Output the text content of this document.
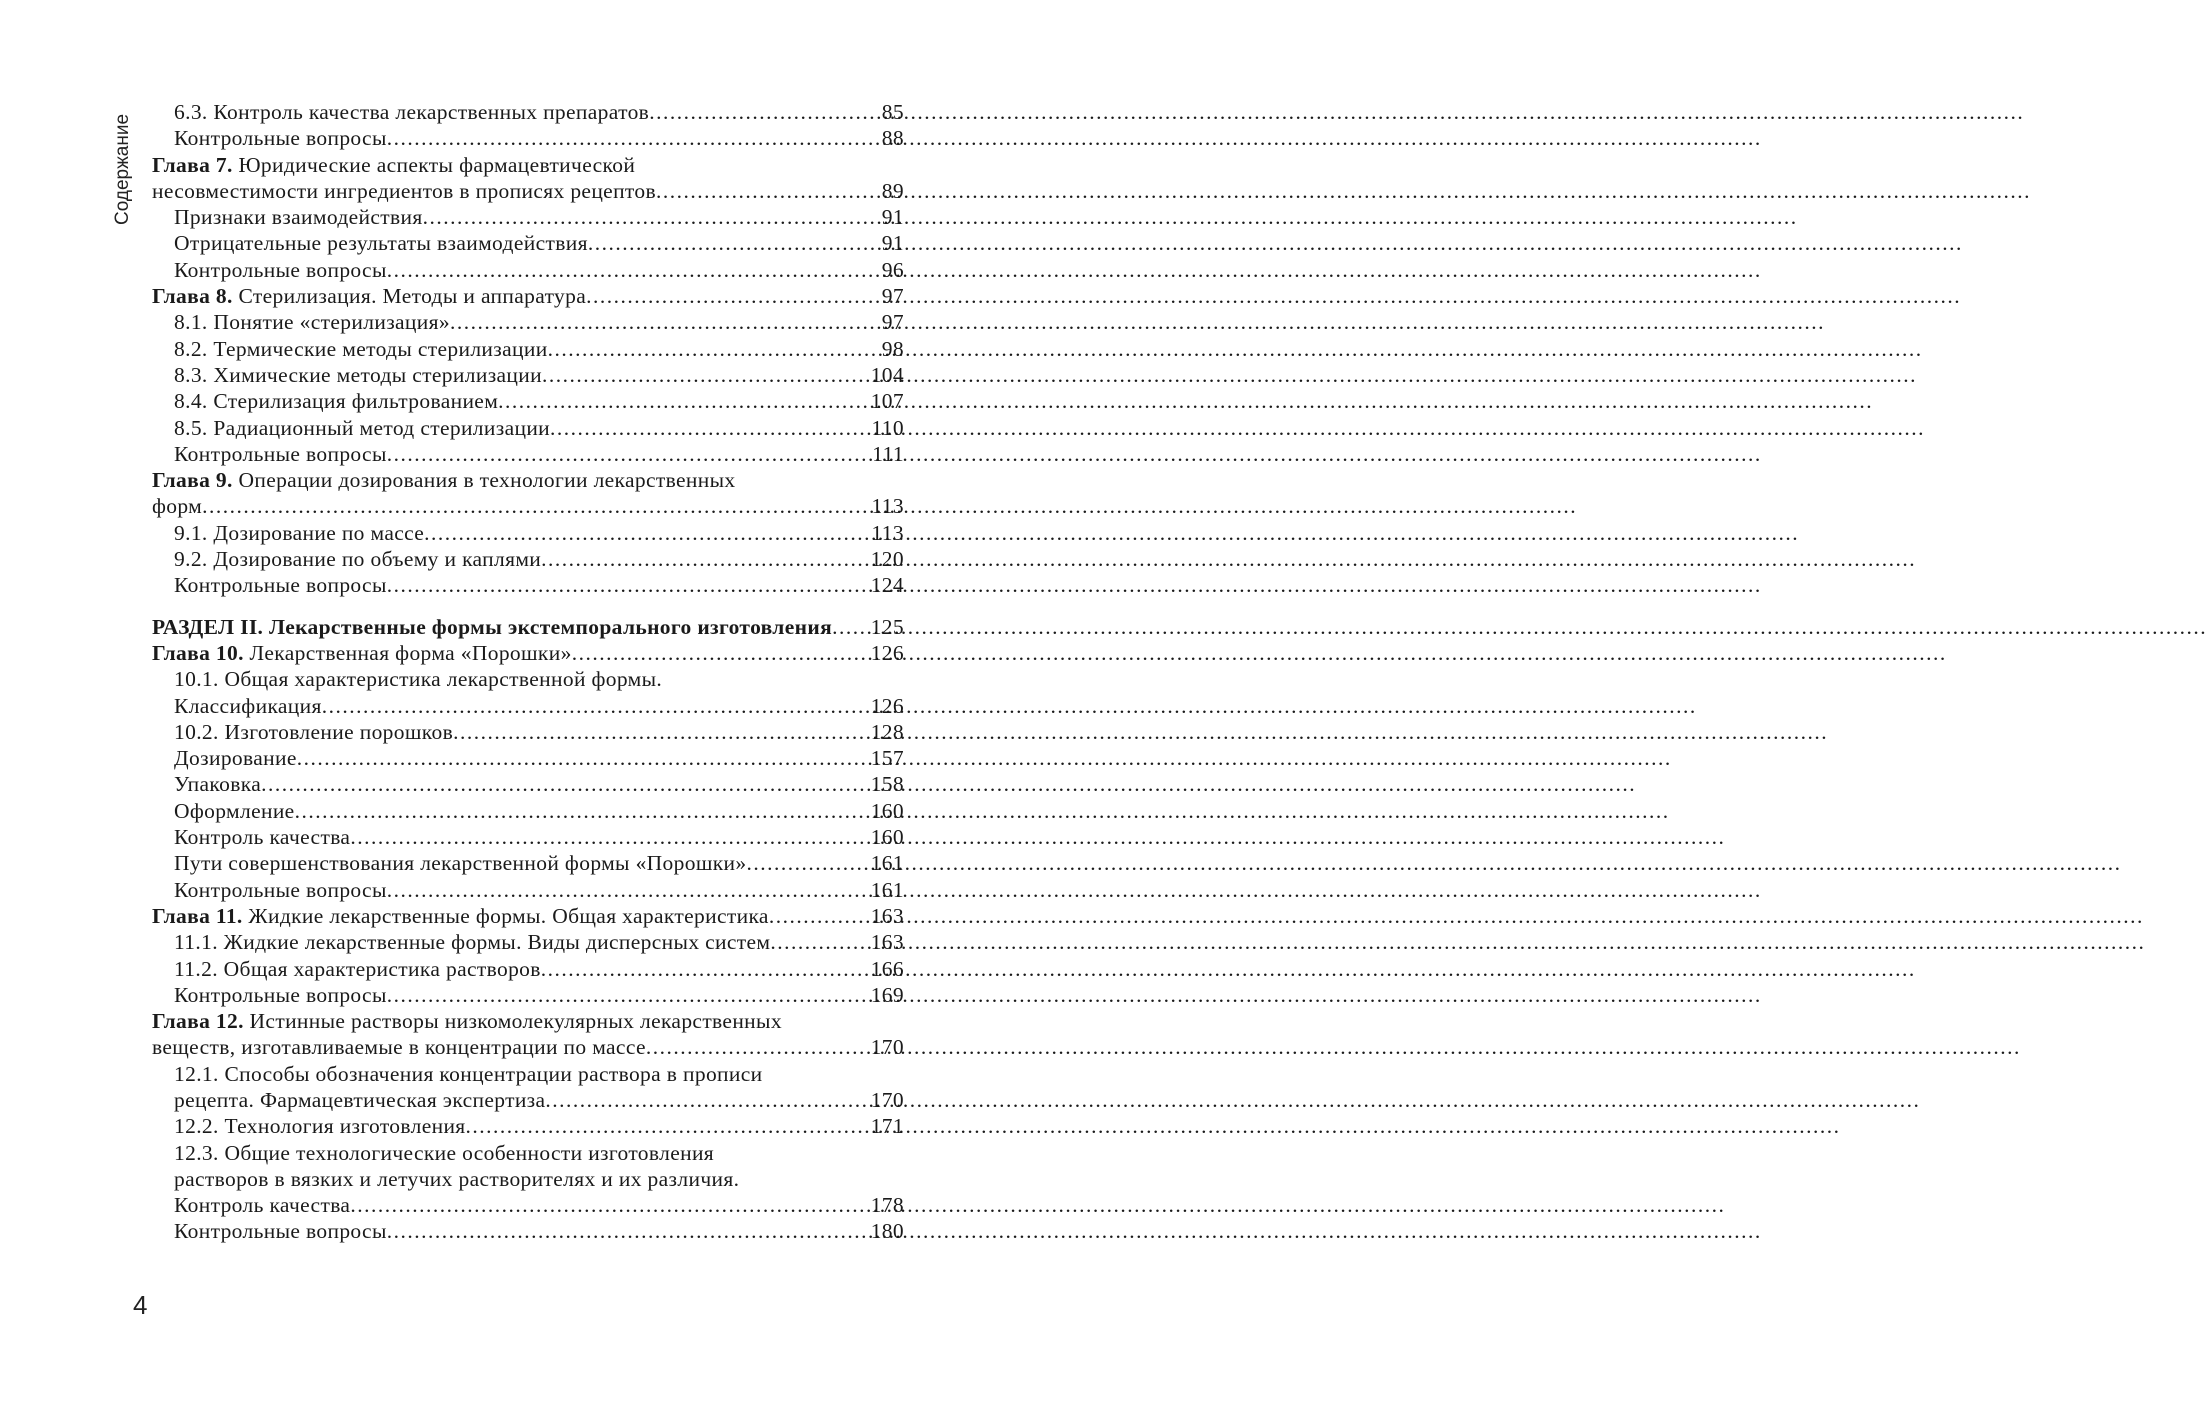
Содержание
6.3. Контроль качества лекарственных препаратов .....	85
Контрольные вопросы .....	88
Глава 7. Юридические аспекты фармацевтической
несовместимости ингредиентов в прописях рецептов .....	89
Признаки взаимодействия .....	91
Отрицательные результаты взаимодействия .....	91
Контрольные вопросы .....	96
Глава 8. Стерилизация. Методы и аппаратура .....	97
8.1. Понятие «стерилизация» .....	97
8.2. Термические методы стерилизации .....	98
8.3. Химические методы стерилизации .....	104
8.4. Стерилизация фильтрованием .....	107
8.5. Радиационный метод стерилизации .....	110
Контрольные вопросы .....	111
Глава 9. Операции дозирования в технологии лекарственных
форм .....	113
9.1. Дозирование по массе .....	113
9.2. Дозирование по объему и каплями .....	120
Контрольные вопросы .....	124
РАЗДЕЛ II. Лекарственные формы экстемпорального изготовления ..... 125
Глава 10. Лекарственная форма «Порошки» .....	126
10.1. Общая характеристика лекарственной формы.
Классификация .....	126
10.2. Изготовление порошков .....	128
Дозирование .....	157
Упаковка .....	158
Оформление .....	160
Контроль качества .....	160
Пути совершенствования лекарственной формы «Порошки» .....	161
Контрольные вопросы .....	161
Глава 11. Жидкие лекарственные формы. Общая характеристика .....	163
11.1. Жидкие лекарственные формы. Виды дисперсных систем .....	163
11.2. Общая характеристика растворов .....	166
Контрольные вопросы .....	169
Глава 12. Истинные растворы низкомолекулярных лекарственных
веществ, изготавливаемые в концентрации по массе .....	170
12.1. Способы обозначения концентрации раствора в прописи
рецепта. Фармацевтическая экспертиза .....	170
12.2. Технология изготовления .....	171
12.3. Общие технологические особенности изготовления
растворов в вязких и летучих растворителях и их различия.
Контроль качества .....	178
Контрольные вопросы .....	180
4
